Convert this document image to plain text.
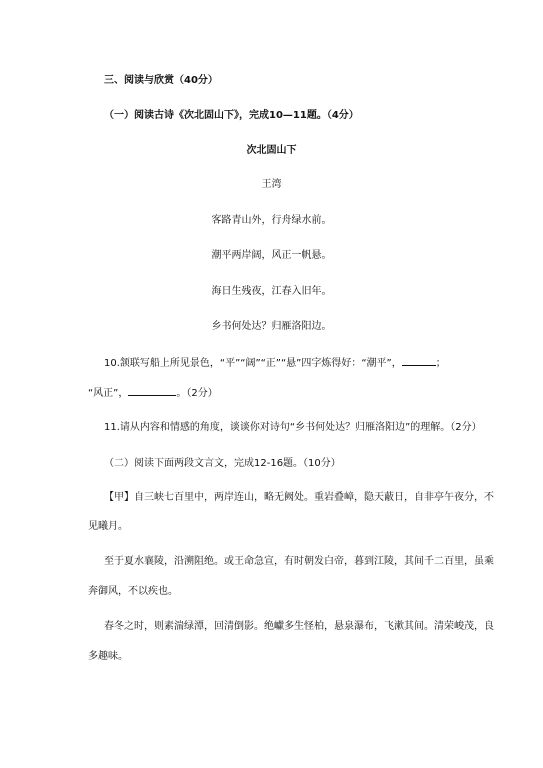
三、阅读与欣赏（40分）
（一）阅读古诗《次北固山下》，完成10—11题。（4分）
次北固山下
王湾
客路青山外，行舟绿水前。
潮平两岸阔，风正一帆悬。
海日生残夜，江春入旧年。
乡书何处达？归雁洛阳边。
10.颔联写船上所见景色，“平”“阔”“正”“悬”四字炼得好：“潮平”，	；
“风正”，	。（2分）
11.请从内容和情感的角度，谈谈你对诗句“乡书何处达？归雁洛阳边”的理解。（2分）
（二）阅读下面两段文言文，完成12-16题。（10分）
【甲】自三峡七百里中，两岸连山，略无阙处。重岩叠嶂，隐天蔽日，自非亭午夜分，不
见曦月。
至于夏水襄陵，沿溯阻绝。或王命急宣，有时朝发白帝，暮到江陵，其间千二百里，虽乘
奔御风，不以疾也。
春冬之时，则素湍绿潭，回清倒影。绝巘多生怪柏，悬泉瀑布，飞漱其间。清荣峻茂，良
多趣味。
